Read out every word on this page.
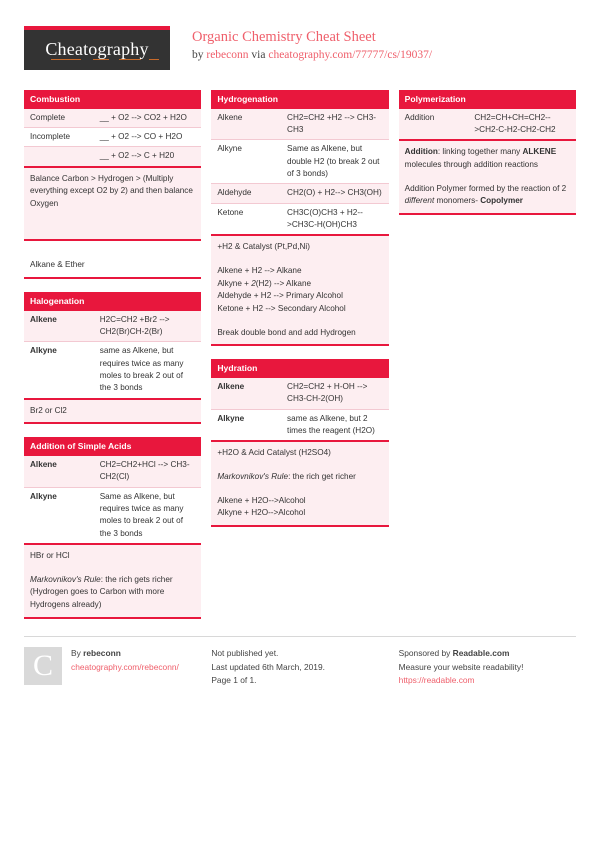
Cheatography
Organic Chemistry Cheat Sheet
by rebeconn via cheatography.com/77777/cs/19037/
Combustion
Complete	__ + O2 --> CO2 + H2O
Incomplete	__ + O2 --> CO + H2O
	__ + O2 --> C + H20
Balance Carbon > Hydrogen > (Multiply everything except O2 by 2) and then balance Oxygen

Alkane & Ether
Halogenation
Alkene	H2C=CH2 +Br2 --> CH2(Br)CH-2(Br)
Alkyne	same as Alkene, but requires twice as many moles to break 2 out of the 3 bonds
Br2 or Cl2
Addition of Simple Acids
Alkene	CH2=CH2+HCl --> CH3-CH2(Cl)
Alkyne	Same as Alkene, but requires twice as many moles to break 2 out of the 3 bonds
HBr or HCl
Markovnikov's Rule: the rich gets richer (Hydrogen goes to Carbon with more Hydrogens already)
Hydrogenation
Alkene	CH2=CH2 +H2 --> CH3-CH3
Alkyne	Same as Alkene, but double H2 (to break 2 out of 3 bonds)
Aldehyde	CH2(O) + H2--> CH3(OH)
Ketone	CH3C(O)CH3 + H2-->CH3C-H(OH)CH3
+H2 & Catalyst (Pt,Pd,Ni)
Alkene + H2 --> Alkane
Alkyne + 2(H2) --> Alkane
Aldehyde + H2 --> Primary Alcohol
Ketone + H2 --> Secondary Alcohol
Break double bond and add Hydrogen
Hydration
Alkene	CH2=CH2 + H-OH --> CH3-CH-2(OH)
Alkyne	same as Alkene, but 2 times the reagent (H2O)
+H2O & Acid Catalyst (H2SO4)
Markovnikov's Rule: the rich get richer
Alkene + H2O-->Alcohol
Alkyne + H2O-->Alcohol
Polymerization
Addition	CH2=CH+CH=CH2-->CH2-C-H2-CH2-CH2
Addition: linking together many ALKENE molecules through addition reactions
Addition Polymer formed by the reaction of 2 different monomers- Copolymer
C	By rebeconn
cheatography.com/rebeconn/
Not published yet.
Last updated 6th March, 2019.
Page 1 of 1.
Sponsored by Readable.com
Measure your website readability!
https://readable.com
